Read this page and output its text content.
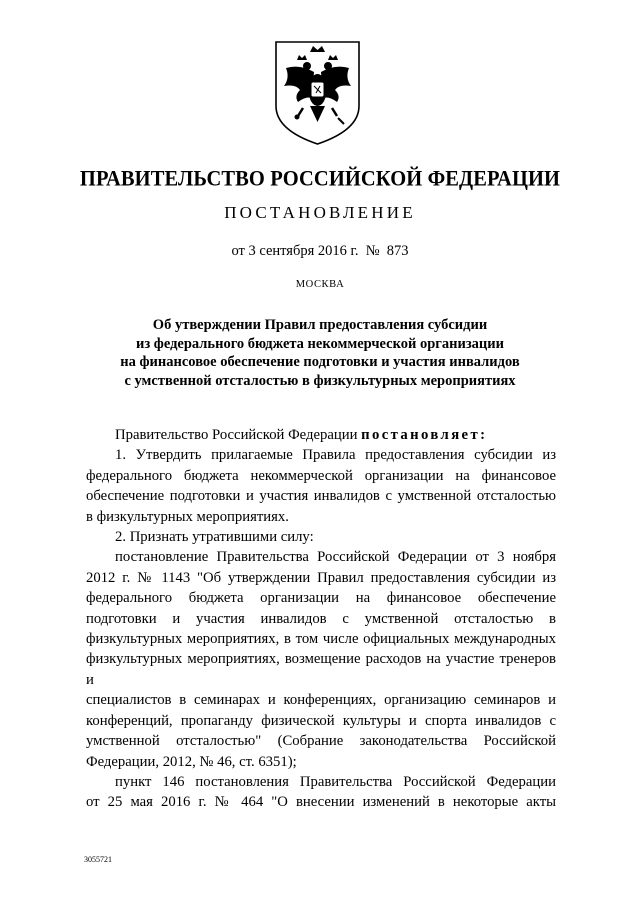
ПРАВИТЕЛЬСТВО РОССИЙСКОЙ ФЕДЕРАЦИИ
ПОСТАНОВЛЕНИЕ
от 3 сентября 2016 г. № 873
МОСКВА
Об утверждении Правил предоставления субсидии
из федерального бюджета некоммерческой организации
на финансовое обеспечение подготовки и участия инвалидов
с умственной отсталостью в физкультурных мероприятиях

Правительство Российской Федерации постановляет:

1. Утвердить прилагаемые Правила предоставления субсидии из

федерального бюджета некоммерческой организации на финансовое

обеспечение подготовки и участия инвалидов с умственной отсталостью

в физкультурных мероприятиях.

2. Признать утратившими силу:

постановление Правительства Российской Федерации от 3 ноября

2012 г. № 1143 "Об утверждении Правил предоставления субсидии из

федерального бюджета организации на финансовое обеспечение

подготовки и участия инвалидов с умственной отсталостью в

физкультурных мероприятиях, в том числе официальных международных

физкультурных мероприятиях, возмещение расходов на участие тренеров и

специалистов в семинарах и конференциях, организацию семинаров и

конференций, пропаганду физической культуры и спорта инвалидов с

умственной отсталостью" (Собрание законодательства Российской

Федерации, 2012, № 46, ст. 6351);

пункт 146 постановления Правительства Российской Федерации

от 25 мая 2016 г. № 464 "О внесении изменений в некоторые акты

3055721
